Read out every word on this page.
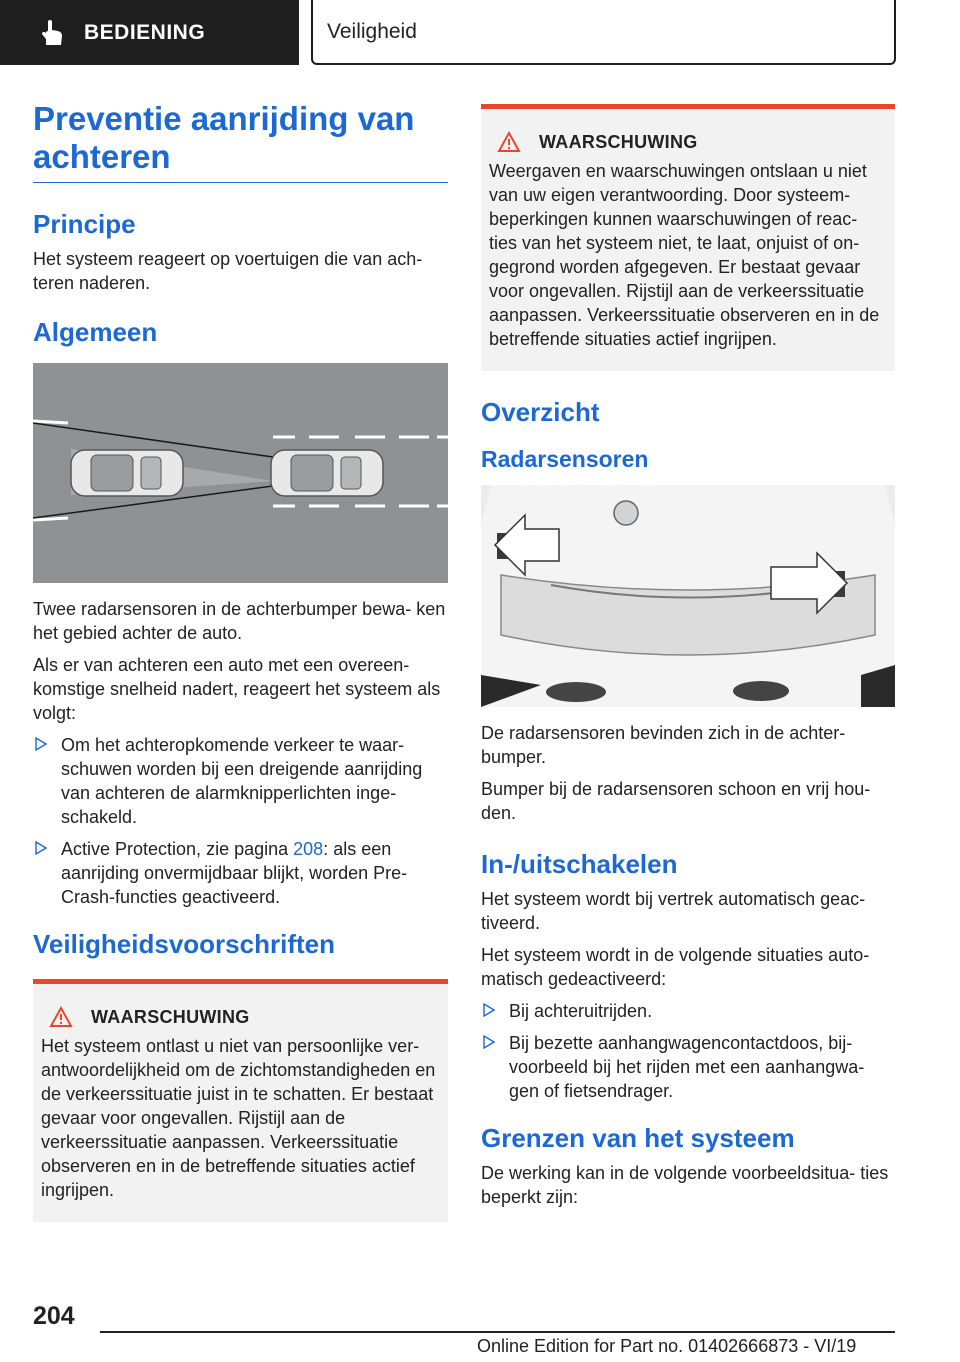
BEDIENING	Veiligheid
Preventie aanrijding van achteren
Principe

Het systeem reageert op voertuigen die van ach- teren naderen.

Algemeen

Twee radarsensoren in de achterbumper bewa- ken het gebied achter de auto.

Als er van achteren een auto met een overeen- komstige snelheid nadert, reageert het systeem als volgt:

Om het achteropkomende verkeer te waar- schuwen worden bij een dreigende aanrijding van achteren de alarmknipperlichten inge- schakeld.
Active Protection, zie pagina 208: als een aanrijding onvermijdbaar blijkt, worden Pre- Crash-functies geactiveerd.
Veiligheidsvoorschriften
WAARSCHUWING

Het systeem ontlast u niet van persoonlijke ver- antwoordelijkheid om de zichtomstandigheden en de verkeerssituatie juist in te schatten. Er bestaat gevaar voor ongevallen. Rijstijl aan de verkeerssituatie aanpassen. Verkeerssituatie observeren en in de betreffende situaties actief ingrijpen.

WAARSCHUWING

Weergaven en waarschuwingen ontslaan u niet van uw eigen verantwoording. Door systeem- beperkingen kunnen waarschuwingen of reac- ties van het systeem niet, te laat, onjuist of on- gegrond worden afgegeven. Er bestaat gevaar voor ongevallen. Rijstijl aan de verkeerssituatie aanpassen. Verkeerssituatie observeren en in de betreffende situaties actief ingrijpen.

Overzicht
Radarsensoren

De radarsensoren bevinden zich in de achter- bumper.

Bumper bij de radarsensoren schoon en vrij hou- den.

In-/uitschakelen

Het systeem wordt bij vertrek automatisch geac- tiveerd.

Het systeem wordt in de volgende situaties auto- matisch gedeactiveerd:

Bij achteruitrijden.
Bij bezette aanhangwagencontactdoos, bij- voorbeeld bij het rijden met een aanhangwa- gen of fietsendrager.
Grenzen van het systeem

De werking kan in de volgende voorbeeldsitua- ties beperkt zijn:

204
Online Edition for Part no. 01402666873 - VI/19
